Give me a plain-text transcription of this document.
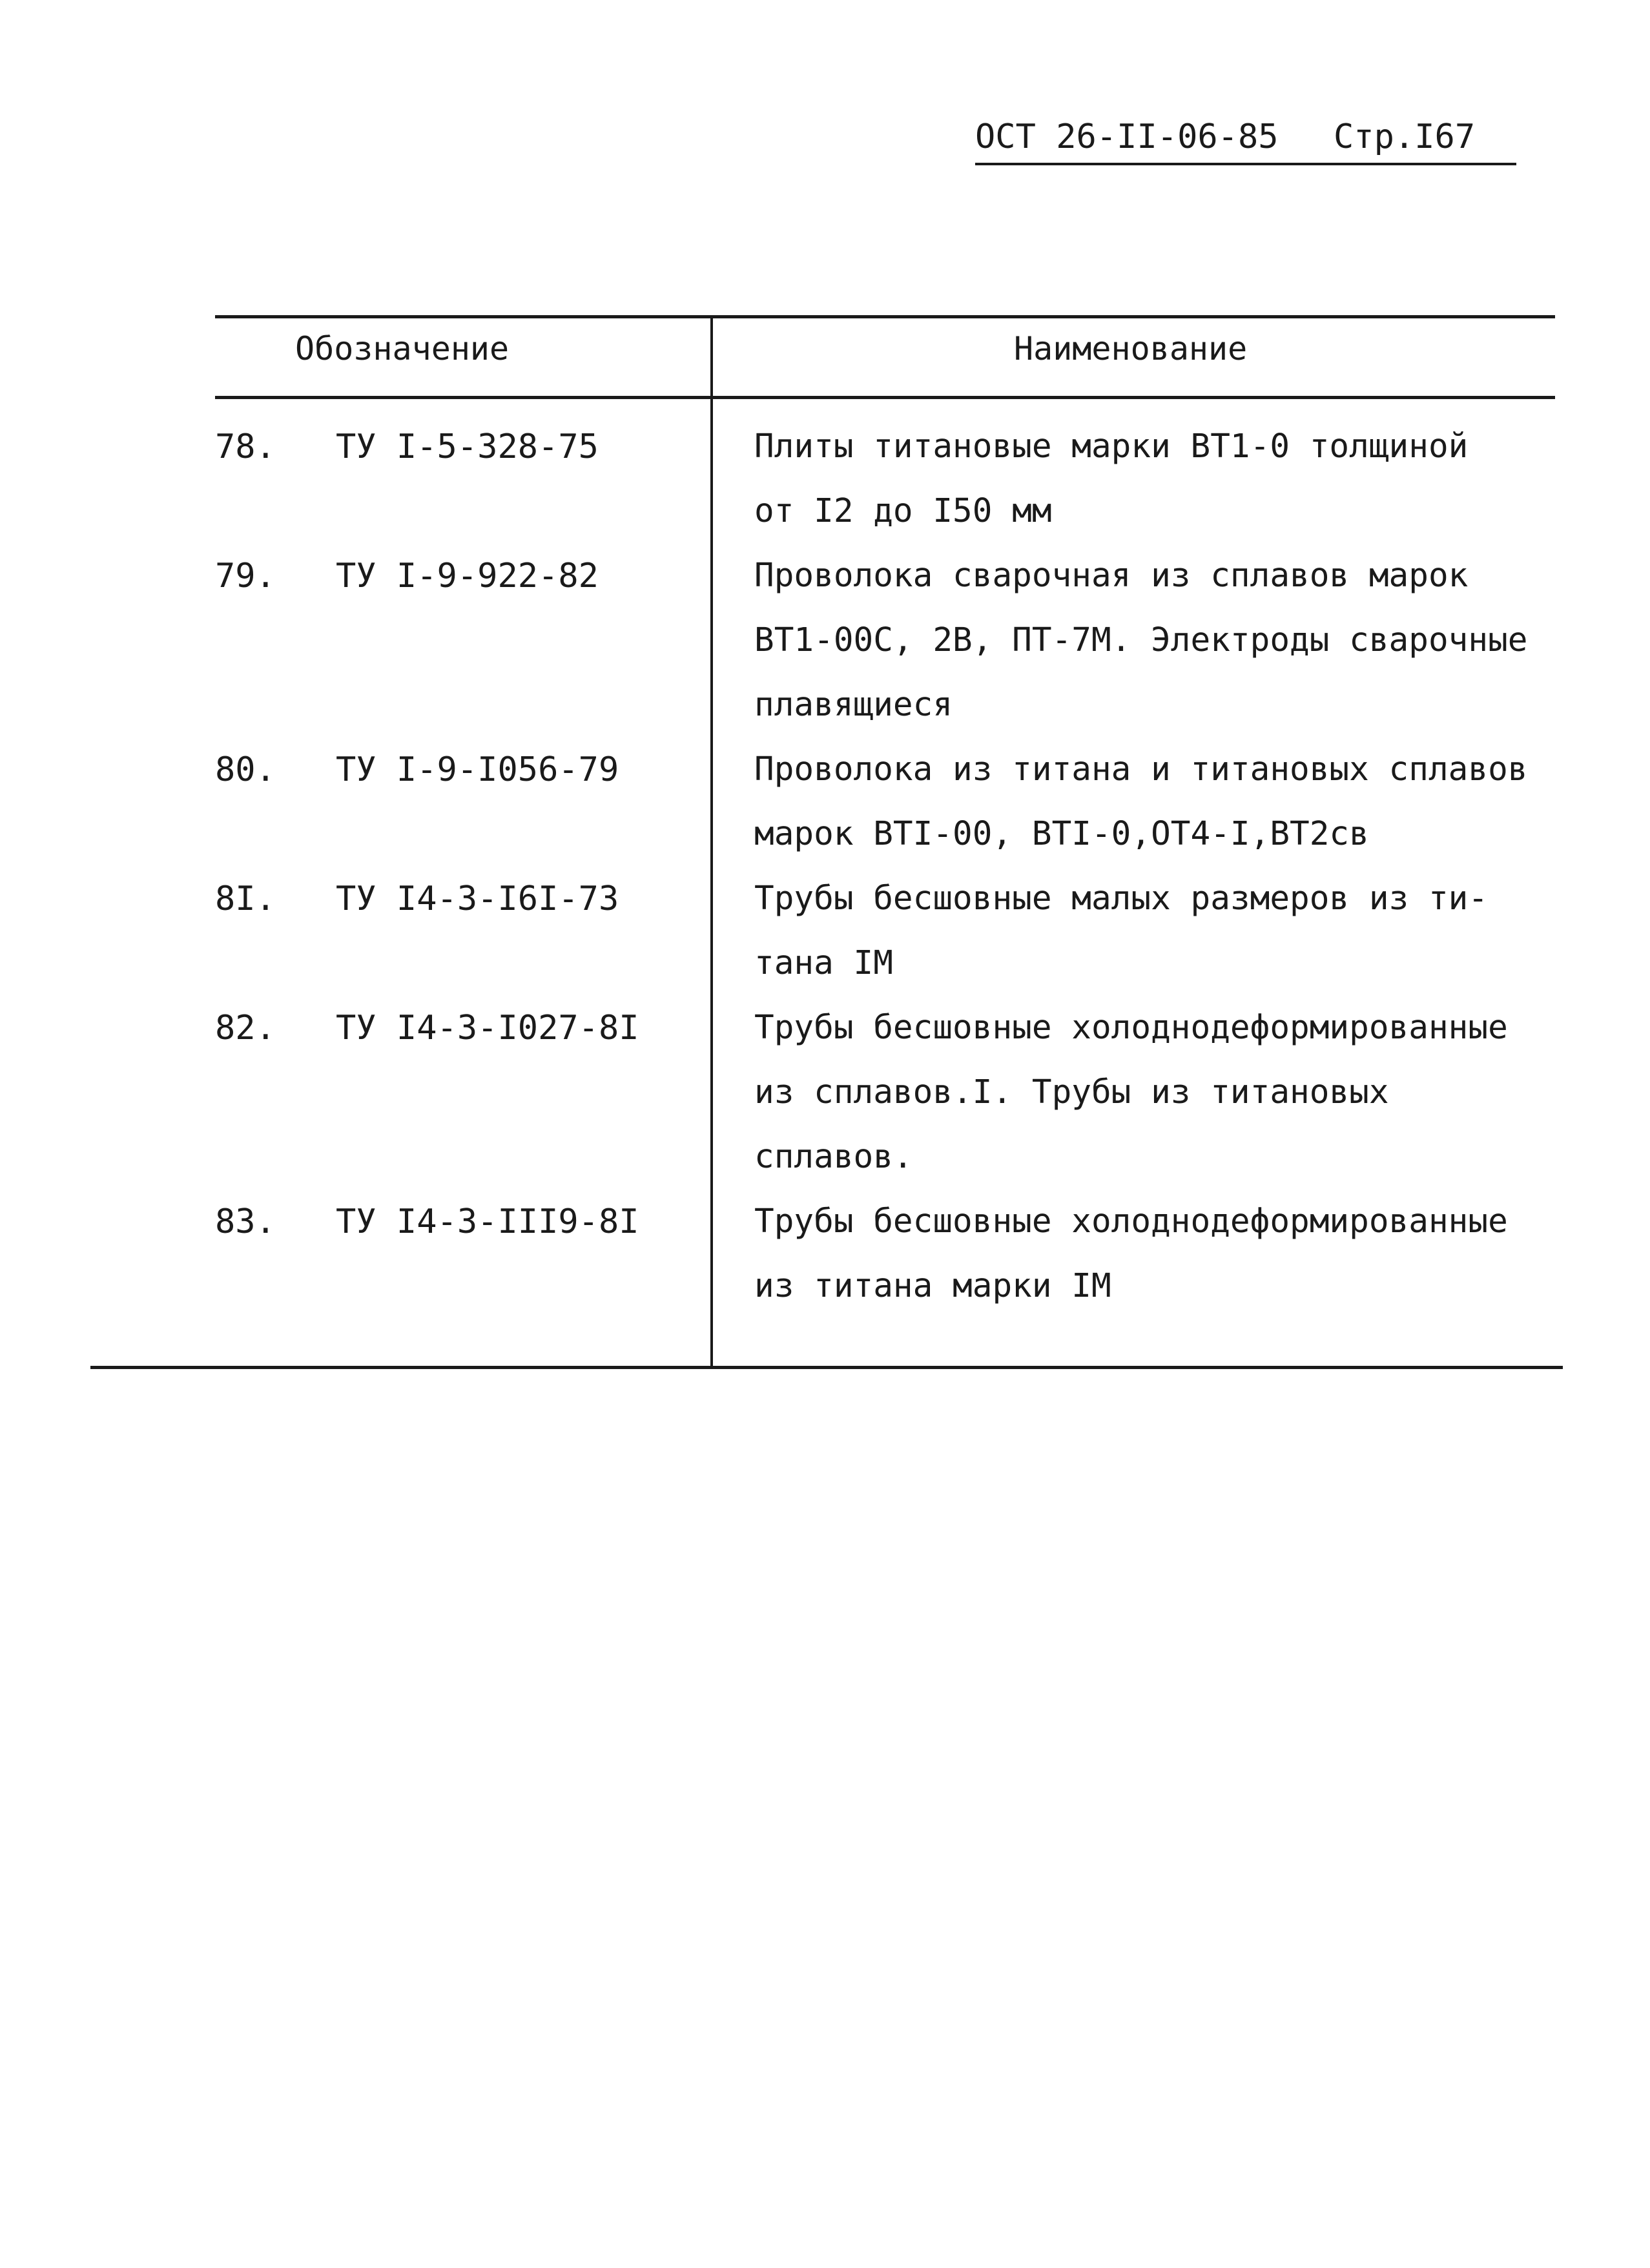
ОСТ 26-II-06-85 Стр.I67
Обозначение	Наименование
78. ТУ I-5-328-75	Плиты титановые марки ВТ1-0 толщиной
от I2 до I50 мм
79. ТУ I-9-922-82	Проволока сварочная из сплавов марок
ВТ1-00С, 2В, ПТ-7М. Электроды сварочные
плавящиеся
80. ТУ I-9-I056-79	Проволока из титана и титановых сплавов
марок ВТI-00, ВТI-0,ОТ4-I,ВТ2св
8I. ТУ I4-3-I6I-73	Трубы бесшовные малых размеров из ти-
тана IМ
82. ТУ I4-3-I027-8I	Трубы бесшовные холоднодеформированные
из сплавов.I. Трубы из титановых
сплавов.
83. ТУ I4-3-III9-8I	Трубы бесшовные холоднодеформированные
из титана марки IМ
